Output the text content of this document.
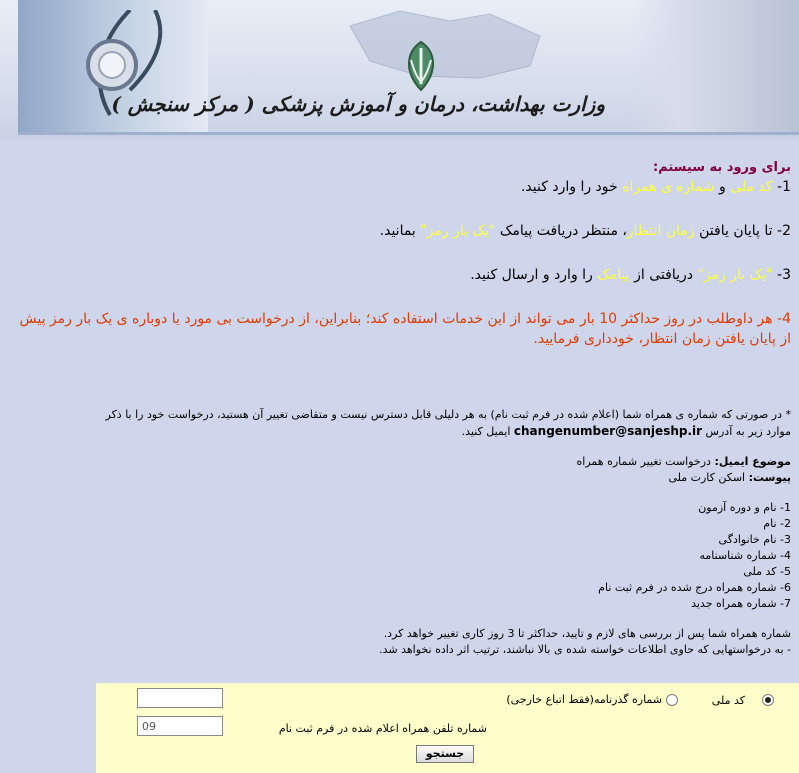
وزارت بهداشت، درمان و آموزش پزشکی ( مرکز سنجش )
برای ورود به سیستم:
1- کد ملی و شماره ی همراه خود را وارد کنید.
2- تا پایان یافتن زمان انتظار، منتظر دریافت پیامک "یک بار رمز" بمانید.
3- "یک بار رمز" دریافتی از پیامک را وارد و ارسال کنید.
4- هر داوطلب در روز حداکثر 10 بار می تواند از این خدمات استفاده کند؛ بنابراین، از درخواست بی مورد یا دوباره ی یک بار رمز پیش از پایان یافتن زمان انتظار، خودداری فرمایید.
* در صورتی که شماره ی همراه شما (اعلام شده در فرم ثبت نام) به هر دلیلی قابل دسترس نیست و متقاضی تغییر آن هستید، درخواست خود را با ذکر موارد زیر به آدرس changenumber@sanjeshp.ir ایمیل کنید.
موضوع ایمیل: درخواست تغییر شماره همراه
پیوست: اسکن کارت ملی
1- نام و دوره آزمون
2- نام
3- نام خانوادگی
4- شماره شناسنامه
5- کد ملی
6- شماره همراه درج شده در فرم ثبت نام
7- شماره همراه جدید
شماره همراه شما پس از بررسی های لازم و تایید، حداکثر تا 3 روز کاری تغییر خواهد کرد.
- به درخواستهایی که حاوی اطلاعات خواسته شده ی بالا نباشند، ترتیب اثر داده نخواهد شد.
کد ملی
شماره گذرنامه(فقط اتباع خارجی)
شماره تلفن همراه اعلام شده در فرم ثبت نام
09
جستجو
